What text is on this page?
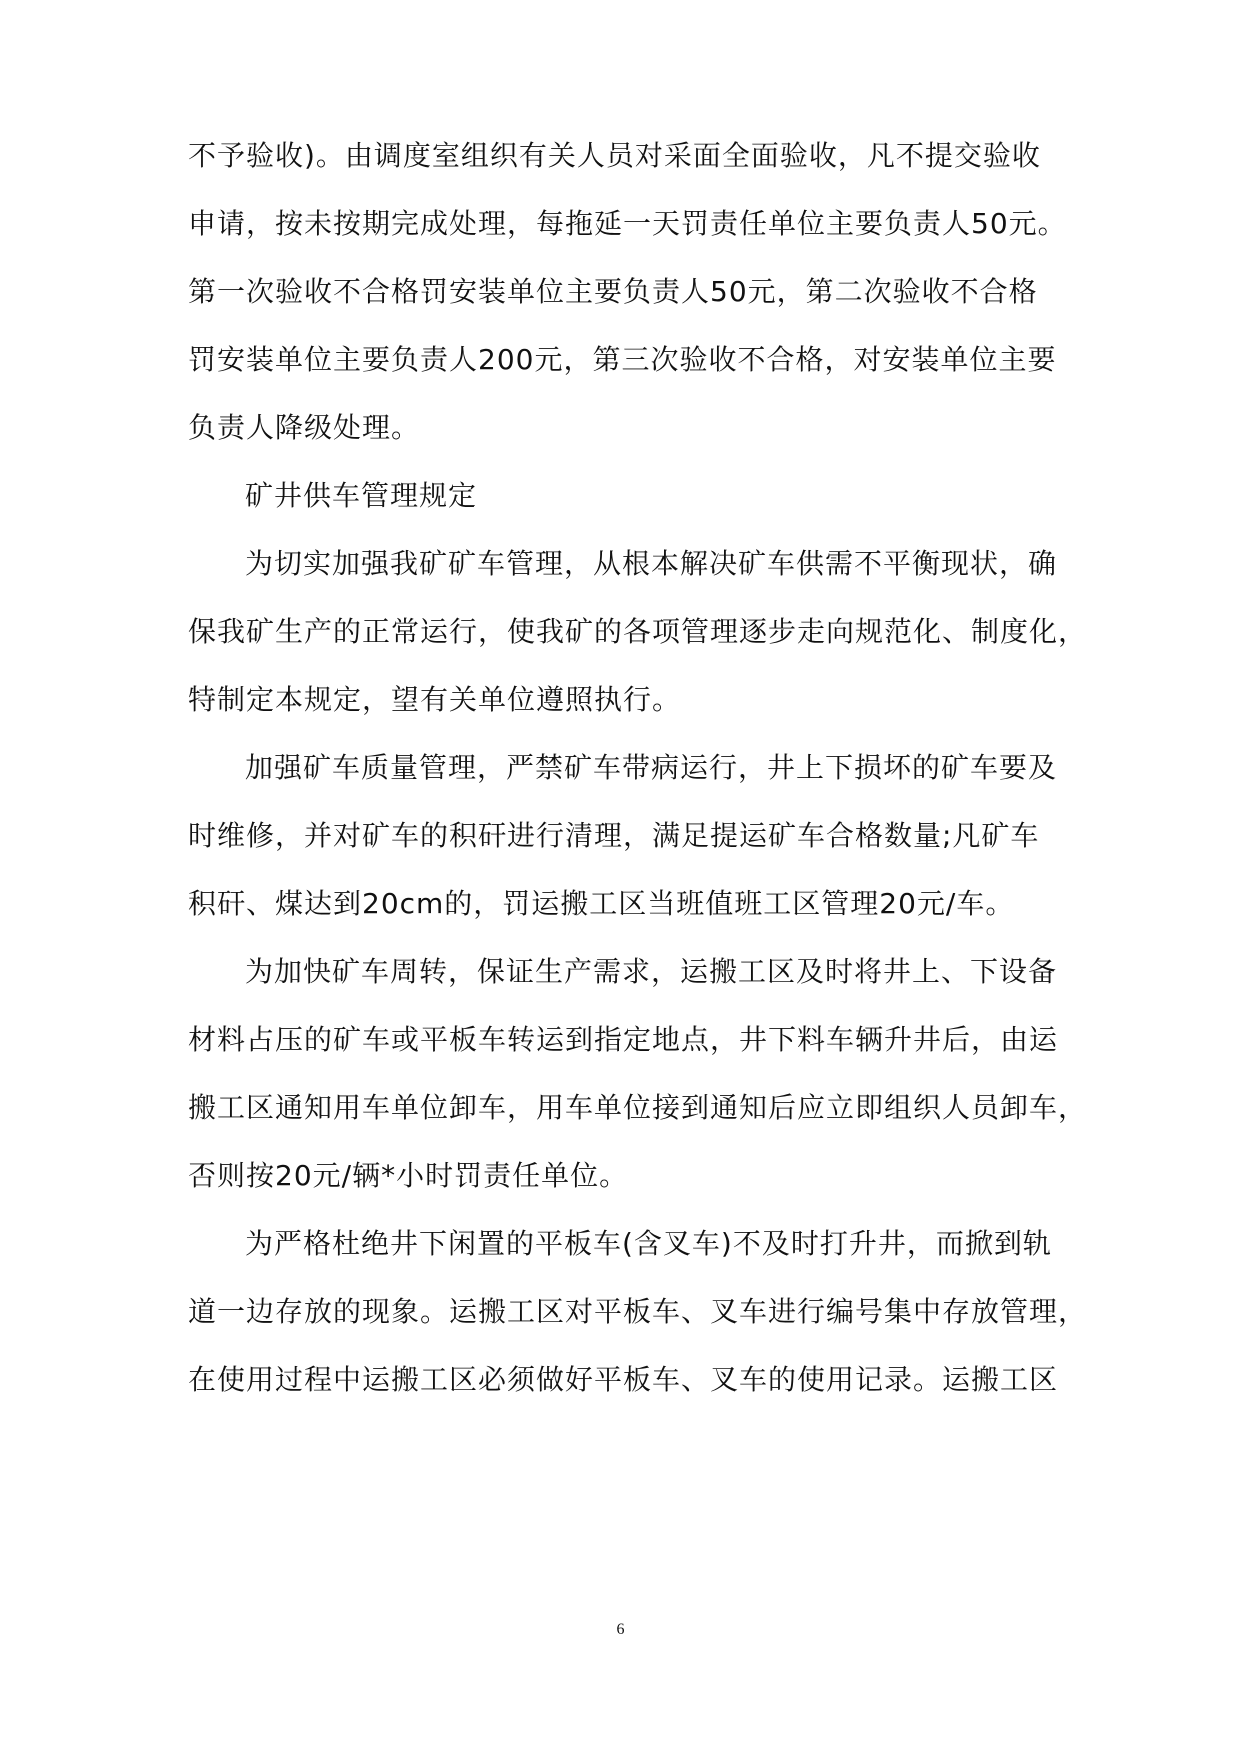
不予验收)。由调度室组织有关人员对采面全面验收，凡不提交验收
申请，按未按期完成处理，每拖延一天罚责任单位主要负责人50元。
第一次验收不合格罚安装单位主要负责人50元，第二次验收不合格
罚安装单位主要负责人200元，第三次验收不合格，对安装单位主要
负责人降级处理。
矿井供车管理规定
为切实加强我矿矿车管理，从根本解决矿车供需不平衡现状，确
保我矿生产的正常运行，使我矿的各项管理逐步走向规范化、制度化，
特制定本规定，望有关单位遵照执行。
加强矿车质量管理，严禁矿车带病运行，井上下损坏的矿车要及
时维修，并对矿车的积矸进行清理，满足提运矿车合格数量;凡矿车
积矸、煤达到20cm的，罚运搬工区当班值班工区管理20元/车。
为加快矿车周转，保证生产需求，运搬工区及时将井上、下设备
材料占压的矿车或平板车转运到指定地点，井下料车辆升井后，由运
搬工区通知用车单位卸车，用车单位接到通知后应立即组织人员卸车，
否则按20元/辆*小时罚责任单位。
为严格杜绝井下闲置的平板车(含叉车)不及时打升井，而掀到轨
道一边存放的现象。运搬工区对平板车、叉车进行编号集中存放管理，
在使用过程中运搬工区必须做好平板车、叉车的使用记录。运搬工区
6
